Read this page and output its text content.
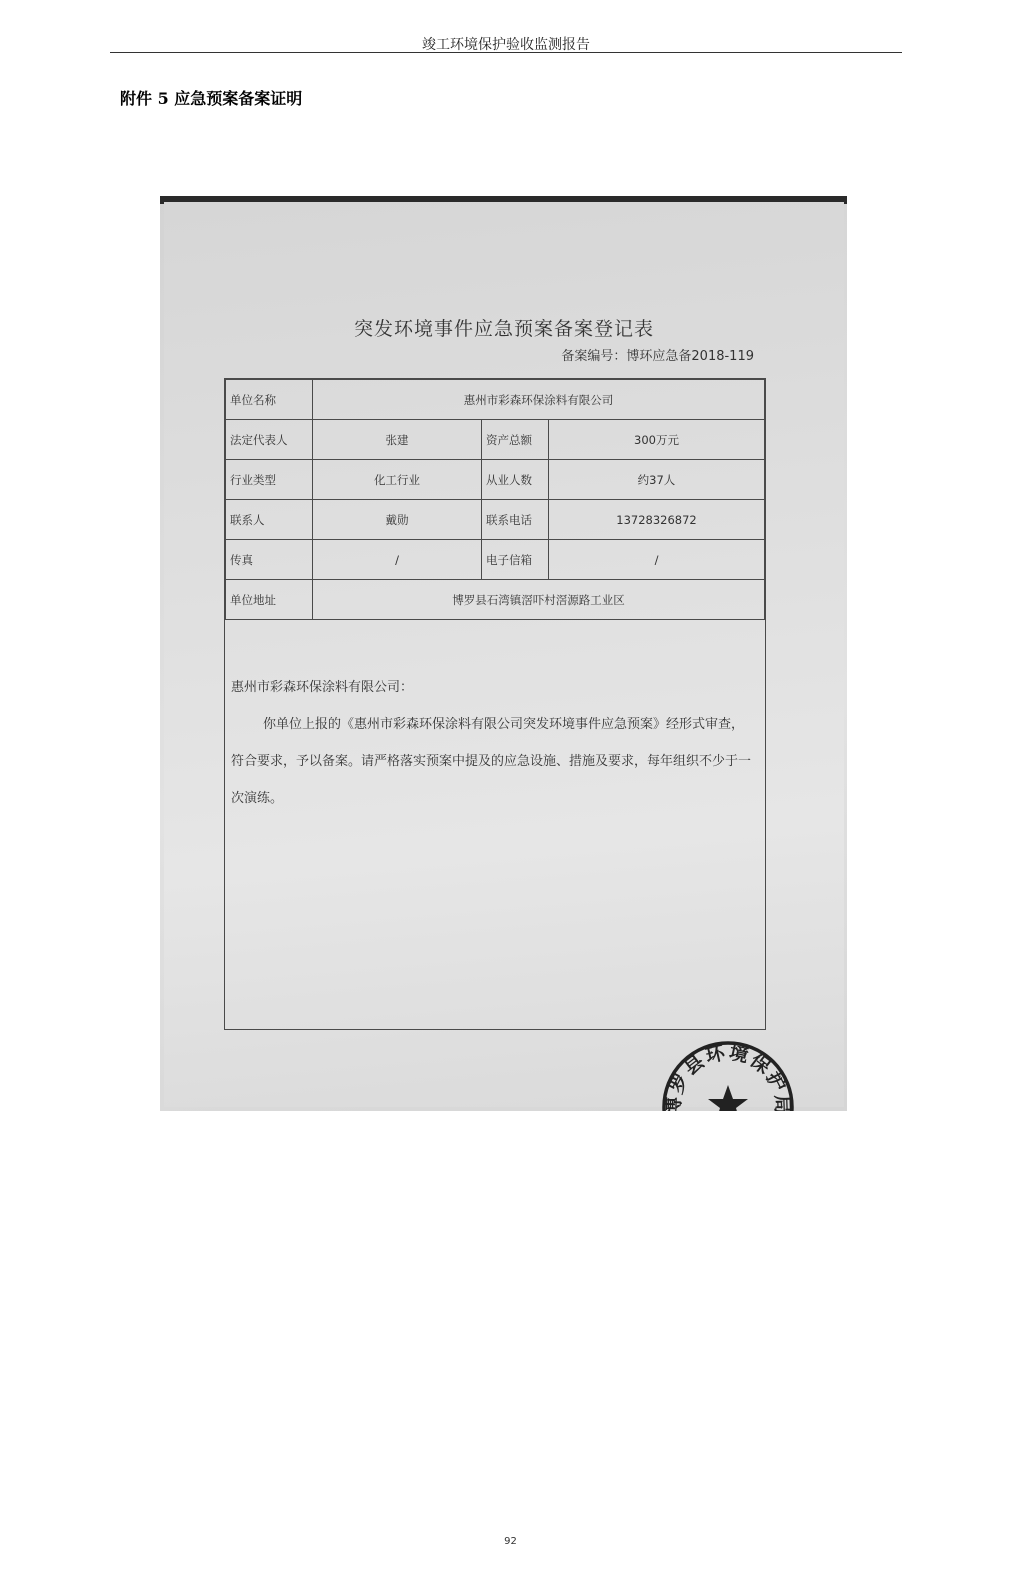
竣工环境保护验收监测报告
附件 5 应急预案备案证明
突发环境事件应急预案备案登记表
备案编号：博环应急备2018-119
单位名称	惠州市彩森环保涂料有限公司		
法定代表人	张建	资产总额	300万元
行业类型	化工行业	从业人数	约37人
联系人	戴勋	联系电话	13728326872
传真	/	电子信箱	/
单位地址	博罗县石湾镇滘吓村滘源路工业区		
惠州市彩森环保涂料有限公司：
你单位上报的《惠州市彩森环保涂料有限公司突发环境事件应急预案》经形式审查，符合要求，予以备案。请严格落实预案中提及的应急设施、措施及要求，每年组织不少于一次演练。
博罗县环境保护局
博罗县环境保护局
2018年9月26日
92
